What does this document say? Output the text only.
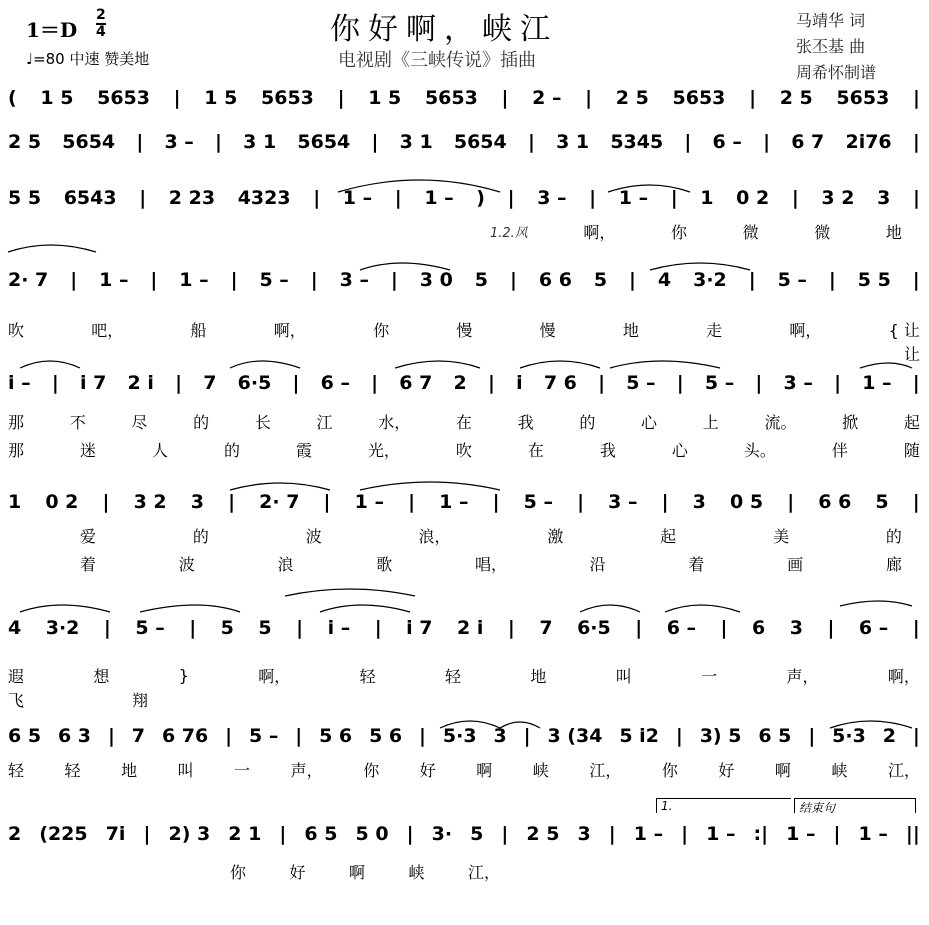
1＝D
2
4
♩=80 中速 赞美地
你好啊，峡江
电视剧《三峡传说》插曲
马靖华 词
张丕基 曲
周希怀制谱
( 1 5 5653 | 1 5 5653 | 1 5 5653 | 2 – | 2 5 5653 | 2 5 5653 |
2 5 5654 | 3 – | 3 1 5654 | 3 1 5654 | 3 1 5345 | 6 – | 6 7 2i76 |
5 5 6543 | 2 23 4323 | 1 – | 1 – ) | 3 – | 1 – | 1 0 2 | 3 2 3 |
2· 7 | 1 – | 1 – | 5 – | 3 – | 3 0 5 | 6 6 5 | 4 3·2 | 5 – | 5 5 |
i – | i 7 2 i | 7 6·5 | 6 – | 6 7 2 | i 7 6 | 5 – | 5 – | 3 – | 1 – |
1 0 2 | 3 2 3 | 2· 7 | 1 – | 1 – | 5 – | 3 – | 3 0 5 | 6 6 5 |
4 3·2 | 5 – | 5 5 | i – | i 7 2 i | 7 6·5 | 6 – | 6 3 | 6 – |
6 5 6 3 | 7 6 76 | 5 – | 5 6 5 6 | 5·3 3 | 3 (34 5 i2 | 3) 5 6 5 | 5·3 2 |
2 (225 7i | 2) 3 2 1 | 6 5 5 0 | 3· 5 | 2 5 3 | 1 – | 1 – :| 1 – | 1 – ||
1.2.风	啊，	你	微	微	地
吹	吧，	船	啊，	你	慢	慢	地	走	啊，	{ 让
让
那	不	尽	的	长	江	水，	在	我	的	心	上	流。	掀	起
那	迷	人	的	霞	光，	吹	在	我	心	头。	伴	随
爱	的	波	浪，	激	起	美	的
着	波	浪	歌	唱，	沿	着	画	廊
遐	想	}	啊，	轻	轻	地	叫	一	声，	啊，
飞	翔
轻	轻	地	叫	一	声，	你	好	啊	峡	江，	你	好	啊	峡	江，
你	好	啊	峡	江，
1.	结束句
